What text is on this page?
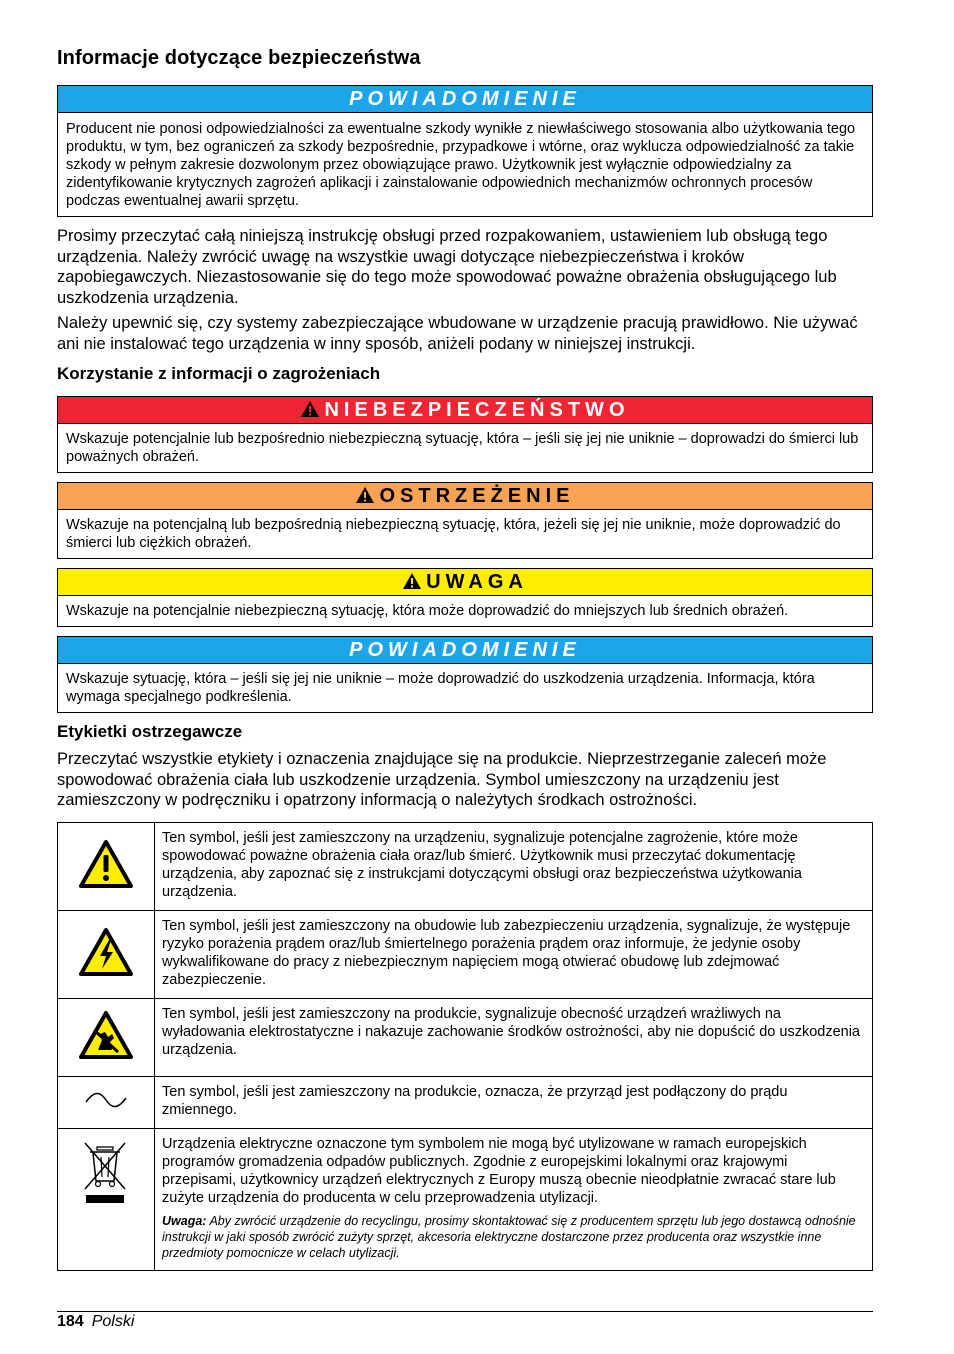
Informacje dotyczące bezpieczeństwa
POWIADOMIENIE
Producent nie ponosi odpowiedzialności za ewentualne szkody wynikłe z niewłaściwego stosowania albo użytkowania tego produktu, w tym, bez ograniczeń za szkody bezpośrednie, przypadkowe i wtórne, oraz wyklucza odpowiedzialność za takie szkody w pełnym zakresie dozwolonym przez obowiązujące prawo. Użytkownik jest wyłącznie odpowiedzialny za zidentyfikowanie krytycznych zagrożeń aplikacji i zainstalowanie odpowiednich mechanizmów ochronnych procesów podczas ewentualnej awarii sprzętu.

Prosimy przeczytać całą niniejszą instrukcję obsługi przed rozpakowaniem, ustawieniem lub obsługą tego urządzenia. Należy zwrócić uwagę na wszystkie uwagi dotyczące niebezpieczeństwa i kroków zapobiegawczych. Niezastosowanie się do tego może spowodować poważne obrażenia obsługującego lub uszkodzenia urządzenia.

Należy upewnić się, czy systemy zabezpieczające wbudowane w urządzenie pracują prawidłowo. Nie używać ani nie instalować tego urządzenia w inny sposób, aniżeli podany w niniejszej instrukcji.

Korzystanie z informacji o zagrożeniach
NIEBEZPIECZEŃSTWO
Wskazuje potencjalnie lub bezpośrednio niebezpieczną sytuację, która – jeśli się jej nie uniknie – doprowadzi do śmierci lub poważnych obrażeń.
OSTRZEŻENIE
Wskazuje na potencjalną lub bezpośrednią niebezpieczną sytuację, która, jeżeli się jej nie uniknie, może doprowadzić do śmierci lub ciężkich obrażeń.
UWAGA
Wskazuje na potencjalnie niebezpieczną sytuację, która może doprowadzić do mniejszych lub średnich obrażeń.
POWIADOMIENIE
Wskazuje sytuację, która – jeśli się jej nie uniknie – może doprowadzić do uszkodzenia urządzenia. Informacja, która wymaga specjalnego podkreślenia.
Etykietki ostrzegawcze

Przeczytać wszystkie etykiety i oznaczenia znajdujące się na produkcie. Nieprzestrzeganie zaleceń może spowodować obrażenia ciała lub uszkodzenie urządzenia. Symbol umieszczony na urządzeniu jest zamieszczony w podręczniku i opatrzony informacją o należytych środkach ostrożności.

	Ten symbol, jeśli jest zamieszczony na urządzeniu, sygnalizuje potencjalne zagrożenie, które może spowodować poważne obrażenia ciała oraz/lub śmierć. Użytkownik musi przeczytać dokumentację urządzenia, aby zapoznać się z instrukcjami dotyczącymi obsługi oraz bezpieczeństwa użytkowania urządzenia.
	Ten symbol, jeśli jest zamieszczony na obudowie lub zabezpieczeniu urządzenia, sygnalizuje, że występuje ryzyko porażenia prądem oraz/lub śmiertelnego porażenia prądem oraz informuje, że jedynie osoby wykwalifikowane do pracy z niebezpiecznym napięciem mogą otwierać obudowę lub zdejmować zabezpieczenie.
	Ten symbol, jeśli jest zamieszczony na produkcie, sygnalizuje obecność urządzeń wrażliwych na wyładowania elektrostatyczne i nakazuje zachowanie środków ostrożności, aby nie dopuścić do uszkodzenia urządzenia.
	Ten symbol, jeśli jest zamieszczony na produkcie, oznacza, że przyrząd jest podłączony do prądu zmiennego.

Urządzenia elektryczne oznaczone tym symbolem nie mogą być utylizowane w ramach europejskich programów gromadzenia odpadów publicznych. Zgodnie z europejskimi lokalnymi oraz krajowymi przepisami, użytkownicy urządzeń elektrycznych z Europy muszą obecnie nieodpłatnie zwracać stare lub zużyte urządzenia do producenta w celu przeprowadzenia utylizacji.
Uwaga: Aby zwrócić urządzenie do recyclingu, prosimy skontaktować się z producentem sprzętu lub jego dostawcą odnośnie instrukcji w jaki sposób zwrócić zużyty sprzęt, akcesoria elektryczne dostarczone przez producenta oraz wszystkie inne przedmioty pomocnicze w celach utylizacji.
184 Polski
